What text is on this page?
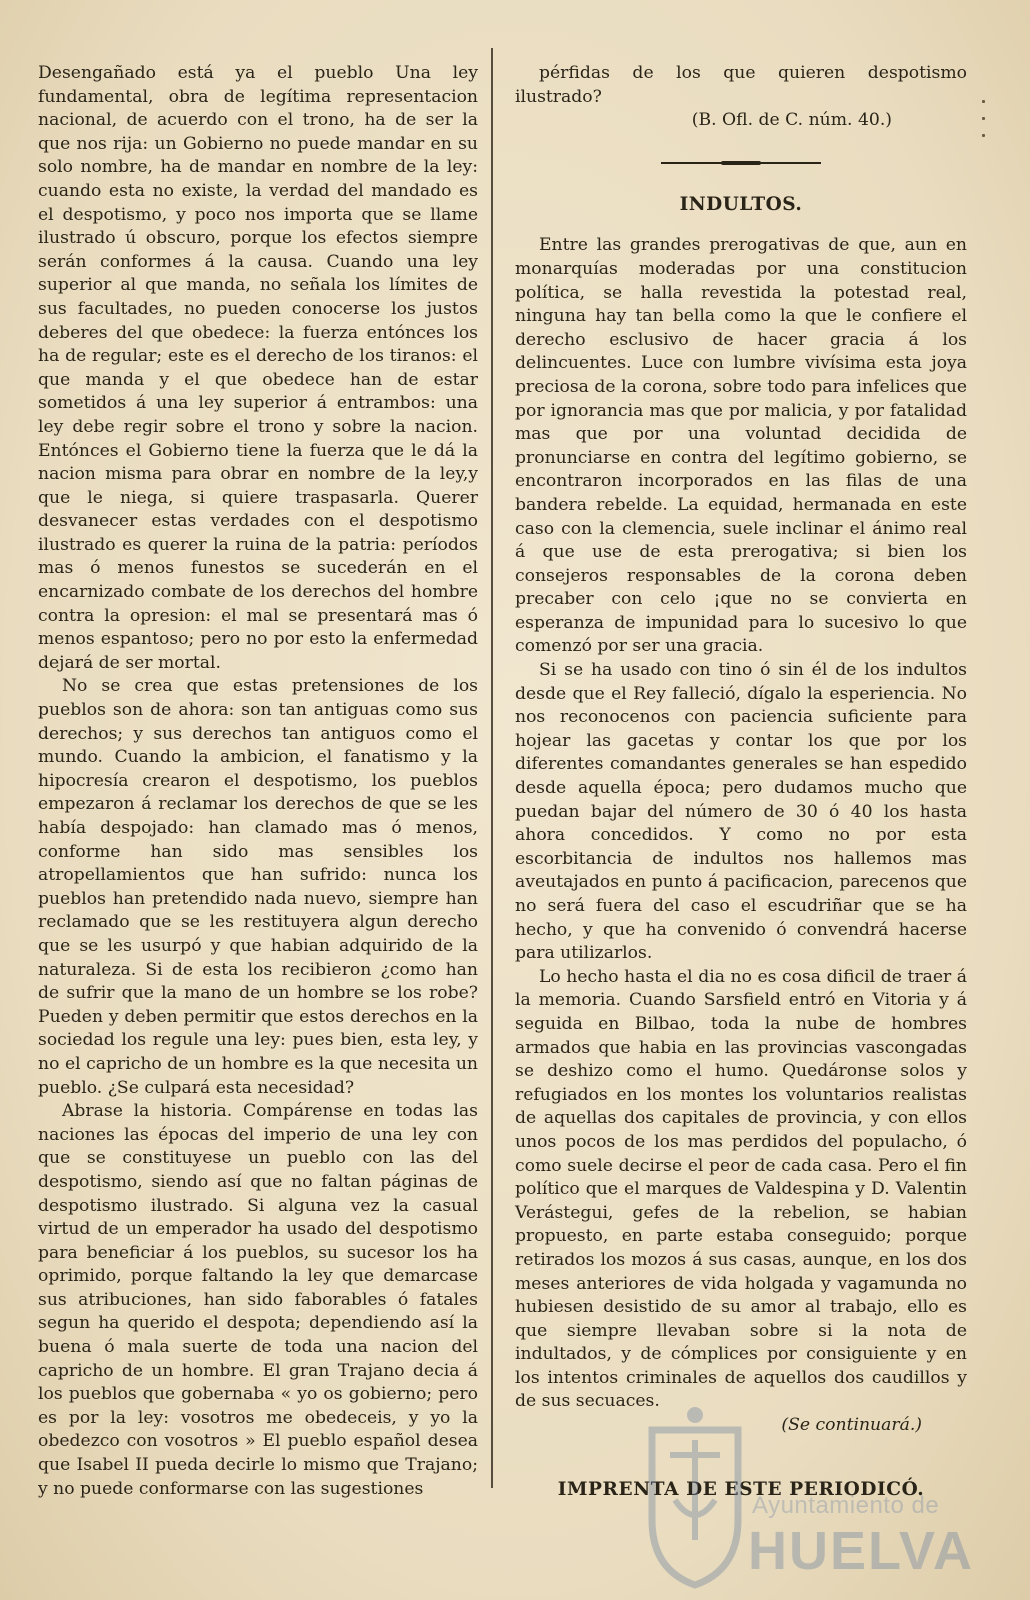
Desengañado está ya el pueblo Una ley fundamental, obra de legítima representacion nacional, de acuerdo con el trono, ha de ser la que nos rija: un Gobierno no puede mandar en su solo nombre, ha de mandar en nombre de la ley: cuando esta no existe, la verdad del mandado es el despotismo, y poco nos importa que se llame ilustrado ú obscuro, porque los efectos siempre serán conformes á la causa. Cuando una ley superior al que manda, no señala los límites de sus facultades, no pueden conocerse los justos deberes del que obedece: la fuerza entónces los ha de regular; este es el derecho de los tiranos: el que manda y el que obedece han de estar sometidos á una ley superior á entrambos: una ley debe regir sobre el trono y sobre la nacion. Entónces el Gobierno tiene la fuerza que le dá la nacion misma para obrar en nombre de la ley,y que le niega, si quiere traspasarla. Querer desvanecer estas verdades con el despotismo ilustrado es querer la ruina de la patria: períodos mas ó menos funestos se sucederán en el encarnizado combate de los derechos del hombre contra la opresion: el mal se presentará mas ó menos espantoso; pero no por esto la enfermedad dejará de ser mortal.

No se crea que estas pretensiones de los pueblos son de ahora: son tan antiguas como sus derechos; y sus derechos tan antiguos como el mundo. Cuando la ambicion, el fanatismo y la hipocresía crearon el despotismo, los pueblos empezaron á reclamar los derechos de que se les había despojado: han clamado mas ó menos, conforme han sido mas sensibles los atropellamientos que han sufrido: nunca los pueblos han pretendido nada nuevo, siempre han reclamado que se les restituyera algun derecho que se les usurpó y que habian adquirido de la naturaleza. Si de esta los recibieron ¿como han de sufrir que la mano de un hombre se los robe? Pueden y deben permitir que estos derechos en la sociedad los regule una ley: pues bien, esta ley, y no el capricho de un hombre es la que necesita un pueblo. ¿Se culpará esta necesidad?

Abrase la historia. Compárense en todas las naciones las épocas del imperio de una ley con que se constituyese un pueblo con las del despotismo, siendo así que no faltan páginas de despotismo ilustrado. Si alguna vez la casual virtud de un emperador ha usado del despotismo para beneficiar á los pueblos, su sucesor los ha oprimido, porque faltando la ley que demarcase sus atribuciones, han sido faborables ó fatales segun ha querido el despota; dependiendo así la buena ó mala suerte de toda una nacion del capricho de un hombre. El gran Trajano decia á los pueblos que gobernaba « yo os gobierno; pero es por la ley: vosotros me obedeceis, y yo la obedezco con vosotros » El pueblo español desea que Isabel II pueda decirle lo mismo que Trajano; y no puede conformarse con las sugestiones

pérfidas de los que quieren despotismo ilustrado?

(B. Ofl. de C. núm. 40.)

INDULTOS.

Entre las grandes prerogativas de que, aun en monarquías moderadas por una constitucion política, se halla revestida la potestad real, ninguna hay tan bella como la que le confiere el derecho esclusivo de hacer gracia á los delincuentes. Luce con lumbre vivísima esta joya preciosa de la corona, sobre todo para infelices que por ignorancia mas que por malicia, y por fatalidad mas que por una voluntad decidida de pronunciarse en contra del legítimo gobierno, se encontraron incorporados en las filas de una bandera rebelde. La equidad, hermanada en este caso con la clemencia, suele inclinar el ánimo real á que use de esta prerogativa; si bien los consejeros responsables de la corona deben precaber con celo ¡que no se convierta en esperanza de impunidad para lo sucesivo lo que comenzó por ser una gracia.

Si se ha usado con tino ó sin él de los indultos desde que el Rey falleció, dígalo la esperiencia. No nos reconocenos con paciencia suficiente para hojear las gacetas y contar los que por los diferentes comandantes generales se han espedido desde aquella época; pero dudamos mucho que puedan bajar del número de 30 ó 40 los hasta ahora concedidos. Y como no por esta escorbitancia de indultos nos hallemos mas aveutajados en punto á pacificacion, parecenos que no será fuera del caso el escudriñar que se ha hecho, y que ha convenido ó convendrá hacerse para utilizarlos.

Lo hecho hasta el dia no es cosa dificil de traer á la memoria. Cuando Sarsfield entró en Vitoria y á seguida en Bilbao, toda la nube de hombres armados que habia en las provincias vascongadas se deshizo como el humo. Quedáronse solos y refugiados en los montes los voluntarios realistas de aquellas dos capitales de provincia, y con ellos unos pocos de los mas perdidos del populacho, ó como suele decirse el peor de cada casa. Pero el fin político que el marques de Valdespina y D. Valentin Verástegui, gefes de la rebelion, se habian propuesto, en parte estaba conseguido; porque retirados los mozos á sus casas, aunque, en los dos meses anteriores de vida holgada y vagamunda no hubiesen desistido de su amor al trabajo, ello es que siempre llevaban sobre si la nota de indultados, y de cómplices por consiguiente y en los intentos criminales de aquellos dos caudillos y de sus secuaces.

(Se continuará.)

IMPRENTA DE ESTE PERIODICÓ.
Ayuntamiento de
HUELVA
